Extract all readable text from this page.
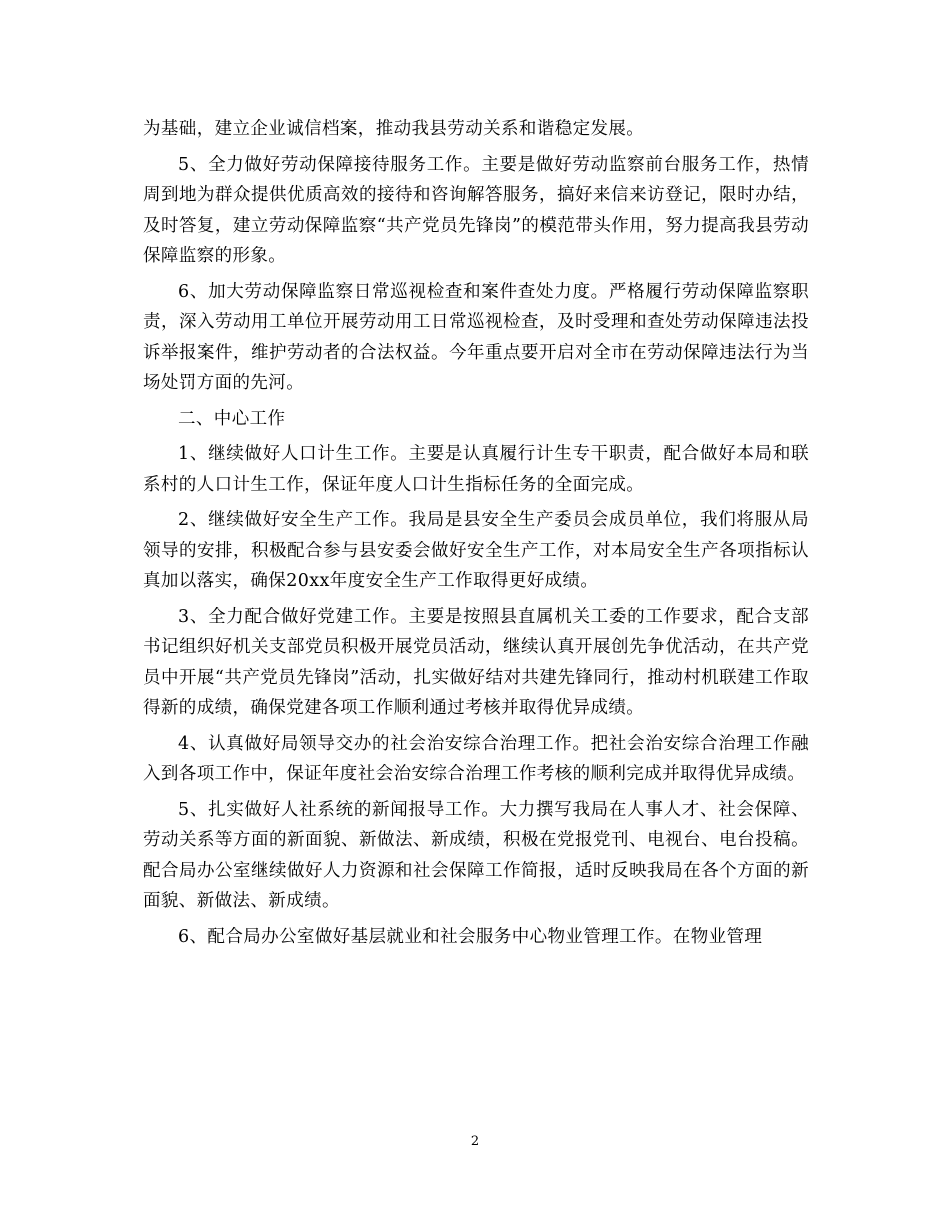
为基础，建立企业诚信档案，推动我县劳动关系和谐稳定发展。

5、全力做好劳动保障接待服务工作。主要是做好劳动监察前台服务工作，热情周到地为群众提供优质高效的接待和咨询解答服务，搞好来信来访登记，限时办结，及时答复，建立劳动保障监察“共产党员先锋岗”的模范带头作用，努力提高我县劳动保障监察的形象。

6、加大劳动保障监察日常巡视检查和案件查处力度。严格履行劳动保障监察职责，深入劳动用工单位开展劳动用工日常巡视检查，及时受理和查处劳动保障违法投诉举报案件，维护劳动者的合法权益。今年重点要开启对全市在劳动保障违法行为当场处罚方面的先河。

二、中心工作

1、继续做好人口计生工作。主要是认真履行计生专干职责，配合做好本局和联系村的人口计生工作，保证年度人口计生指标任务的全面完成。

2、继续做好安全生产工作。我局是县安全生产委员会成员单位，我们将服从局领导的安排，积极配合参与县安委会做好安全生产工作，对本局安全生产各项指标认真加以落实，确保20xx年度安全生产工作取得更好成绩。

3、全力配合做好党建工作。主要是按照县直属机关工委的工作要求，配合支部书记组织好机关支部党员积极开展党员活动，继续认真开展创先争优活动，在共产党员中开展“共产党员先锋岗”活动，扎实做好结对共建先锋同行，推动村机联建工作取得新的成绩，确保党建各项工作顺利通过考核并取得优异成绩。

4、认真做好局领导交办的社会治安综合治理工作。把社会治安综合治理工作融入到各项工作中，保证年度社会治安综合治理工作考核的顺利完成并取得优异成绩。

5、扎实做好人社系统的新闻报导工作。大力撰写我局在人事人才、社会保障、劳动关系等方面的新面貌、新做法、新成绩，积极在党报党刊、电视台、电台投稿。配合局办公室继续做好人力资源和社会保障工作简报，适时反映我局在各个方面的新面貌、新做法、新成绩。

6、配合局办公室做好基层就业和社会服务中心物业管理工作。在物业管理

2
